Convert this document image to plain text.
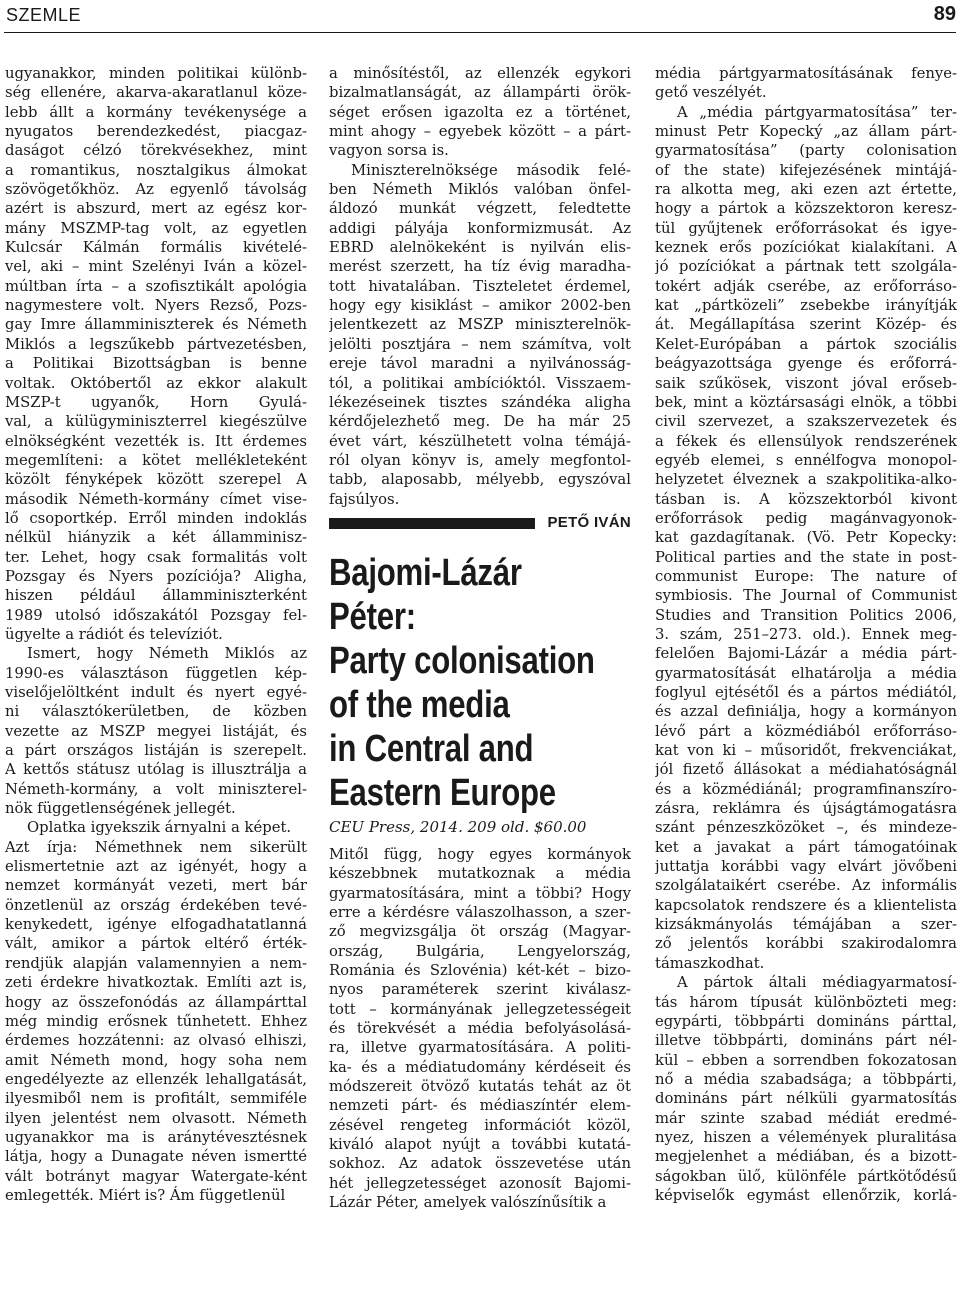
SZEMLE	89
ugyanakkor, minden politikai különb-
ség ellenére, akarva-akaratlanul köze-
lebb állt a kormány tevékenysége a
nyugatos berendezkedést, piacgaz-
daságot célzó törekvésekhez, mint
a romantikus, nosztalgikus álmokat
szövögetőkhöz. Az egyenlő távolság
azért is abszurd, mert az egész kor-
mány MSZMP-tag volt, az egyetlen
Kulcsár Kálmán formális kivételé-
vel, aki – mint Szelényi Iván a közel-
múltban írta – a szofisztikált apológia
nagymestere volt. Nyers Rezső, Pozs-
gay Imre államminiszterek és Németh
Miklós a legszűkebb pártvezetésben,
a Politikai Bizottságban is benne
voltak. Októbertől az ekkor alakult
MSZP-t ugyanők, Horn Gyulá-
val, a külügyminiszterrel kiegészülve
elnökségként vezették is. Itt érdemes
megemlíteni: a kötet mellékleteként
közölt fényképek között szerepel A
második Németh-kormány címet vise-
lő csoportkép. Erről minden indoklás
nélkül hiányzik a két államminisz-
ter. Lehet, hogy csak formalitás volt
Pozsgay és Nyers pozíciója? Aligha,
hiszen például államminiszterként
1989 utolsó időszakától Pozsgay fel-
ügyelte a rádiót és televíziót.
Ismert, hogy Németh Miklós az
1990-es választáson független kép-
viselőjelöltként indult és nyert egyé-
ni választókerületben, de közben
vezette az MSZP megyei listáját, és
a párt országos listáján is szerepelt.
A kettős státusz utólag is illusztrálja a
Németh-kormány, a volt miniszterel-
nök függetlenségének jellegét.
Oplatka igyekszik árnyalni a képet.
Azt írja: Némethnek nem sikerült
elismertetnie azt az igényét, hogy a
nemzet kormányát vezeti, mert bár
önzetlenül az ország érdekében tevé-
kenykedett, igénye elfogadhatatlanná
vált, amikor a pártok eltérő érték-
rendjük alapján valamennyien a nem-
zeti érdekre hivatkoztak. Említi azt is,
hogy az összefonódás az állampárttal
még mindig erősnek tűnhetett. Ehhez
érdemes hozzátenni: az olvasó elhiszi,
amit Németh mond, hogy soha nem
engedélyezte az ellenzék lehallgatását,
ilyesmiből nem is profitált, semmiféle
ilyen jelentést nem olvasott. Németh
ugyanakkor ma is aránytévesztésnek
látja, hogy a Dunagate néven ismertté
vált botrányt magyar Watergate-ként
emlegették. Miért is? Ám függetlenül
a minősítéstől, az ellenzék egykori
bizalmatlanságát, az állampárti örök-
séget erősen igazolta ez a történet,
mint ahogy – egyebek között – a párt-
vagyon sorsa is.
Miniszterelnöksége második felé-
ben Németh Miklós valóban önfel-
áldozó munkát végzett, feledtette
addigi pályája konformizmusát. Az
EBRD alelnökeként is nyilván elis-
merést szerzett, ha tíz évig maradha-
tott hivatalában. Tiszteletet érdemel,
hogy egy kisiklást – amikor 2002-ben
jelentkezett az MSZP miniszterelnök-
jelölti posztjára – nem számítva, volt
ereje távol maradni a nyilvánosság-
tól, a politikai ambícióktól. Visszaem-
lékezéseinek tisztes szándéka aligha
kérdőjelezhető meg. De ha már 25
évet várt, készülhetett volna témájá-
ról olyan könyv is, amely megfontol-
tabb, alaposabb, mélyebb, egyszóval
fajsúlyos.
PETŐ IVÁN
Bajomi-Lázár
Péter:
Party colonisation
of the media
in Central and
Eastern Europe
CEU Press, 2014. 209 old. $60.00
Mitől függ, hogy egyes kormányok
készebbnek mutatkoznak a média
gyarmatosítására, mint a többi? Hogy
erre a kérdésre válaszolhasson, a szer-
ző megvizsgálja öt ország (Magyar-
ország, Bulgária, Lengyelország,
Románia és Szlovénia) két-két – bizo-
nyos paraméterek szerint kiválasz-
tott – kormányának jellegzetességeit
és törekvését a média befolyásolásá-
ra, illetve gyarmatosítására. A politi-
ka- és a médiatudomány kérdéseit és
módszereit ötvöző kutatás tehát az öt
nemzeti párt- és médiaszíntér elem-
zésével rengeteg információt közöl,
kiváló alapot nyújt a további kutatá-
sokhoz. Az adatok összevetése után
hét jellegzetességet azonosít Bajomi-
Lázár Péter, amelyek valószínűsítik a
média pártgyarmatosításának fenye-
gető veszélyét.
A „média pártgyarmatosítása” ter-
minust Petr Kopecký „az állam párt-
gyarmatosítása” (party colonisation
of the state) kifejezésének mintájá-
ra alkotta meg, aki ezen azt értette,
hogy a pártok a közszektoron keresz-
tül gyűjtenek erőforrásokat és igye-
keznek erős pozíciókat kialakítani. A
jó pozíciókat a pártnak tett szolgála-
tokért adják cserébe, az erőforráso-
kat „pártközeli” zsebekbe irányítják
át. Megállapítása szerint Közép- és
Kelet-Európában a pártok szociális
beágyazottsága gyenge és erőforrá-
saik szűkösek, viszont jóval erőseb-
bek, mint a köztársasági elnök, a többi
civil szervezet, a szakszervezetek és
a fékek és ellensúlyok rendszerének
egyéb elemei, s ennélfogva monopol-
helyzetet élveznek a szakpolitika-alko-
tásban is. A közszektorból kivont
erőforrások pedig magánvagyonok-
kat gazdagítanak. (Vö. Petr Kopecky:
Political parties and the state in post-
communist Europe: The nature of
symbiosis. The Journal of Communist
Studies and Transition Politics 2006,
3. szám, 251–273. old.). Ennek meg-
felelően Bajomi-Lázár a média párt-
gyarmatosítását elhatárolja a média
foglyul ejtésétől és a pártos médiától,
és azzal definiálja, hogy a kormányon
lévő párt a közmédiából erőforráso-
kat von ki – műsoridőt, frekvenciákat,
jól fizető állásokat a médiahatóságnál
és a közmédiánál; programfinanszíro-
zásra, reklámra és újságtámogatásra
szánt pénzeszközöket –, és mindeze-
ket a javakat a párt támogatóinak
juttatja korábbi vagy elvárt jövőbeni
szolgálataikért cserébe. Az informális
kapcsolatok rendszere és a klientelista
kizsákmányolás témájában a szer-
ző jelentős korábbi szakirodalomra
támaszkodhat.
A pártok általi médiagyarmatosí-
tás három típusát különbözteti meg:
egypárti, többpárti domináns párttal,
illetve többpárti, domináns párt nél-
kül – ebben a sorrendben fokozatosan
nő a média szabadsága; a többpárti,
domináns párt nélküli gyarmatosítás
már szinte szabad médiát eredmé-
nyez, hiszen a vélemények pluralitása
megjelenhet a médiában, és a bizott-
ságokban ülő, különféle pártkötődésű
képviselők egymást ellenőrzik, korlá-
